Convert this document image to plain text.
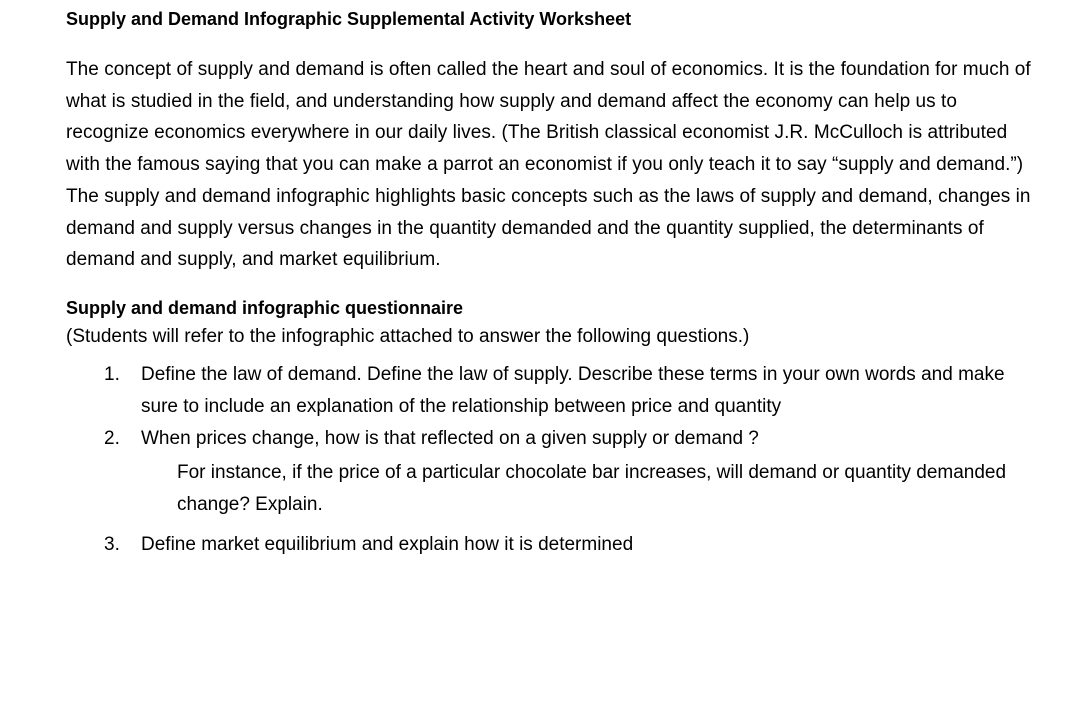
Supply and Demand Infographic Supplemental Activity Worksheet

The concept of supply and demand is often called the heart and soul of economics. It is the foundation for much of what is studied in the field, and understanding how supply and demand affect the economy can help us to recognize economics everywhere in our daily lives. (The British classical economist J.R. McCulloch is attributed with the famous saying that you can make a parrot an economist if you only teach it to say “supply and demand.”) The supply and demand infographic highlights basic concepts such as the laws of supply and demand, changes in demand and supply versus changes in the quantity demanded and the quantity supplied, the determinants of demand and supply, and market equilibrium.

Supply and demand infographic questionnaire
(Students will refer to the infographic attached to answer the following questions.)
1. Define the law of demand. Define the law of supply. Describe these terms in your own words and make sure to include an explanation of the relationship between price and quantity
2. When prices change, how is that reflected on a given supply or demand ?
For instance, if the price of a particular chocolate bar increases, will demand or quantity demanded change? Explain.
3. Define market equilibrium and explain how it is determined
